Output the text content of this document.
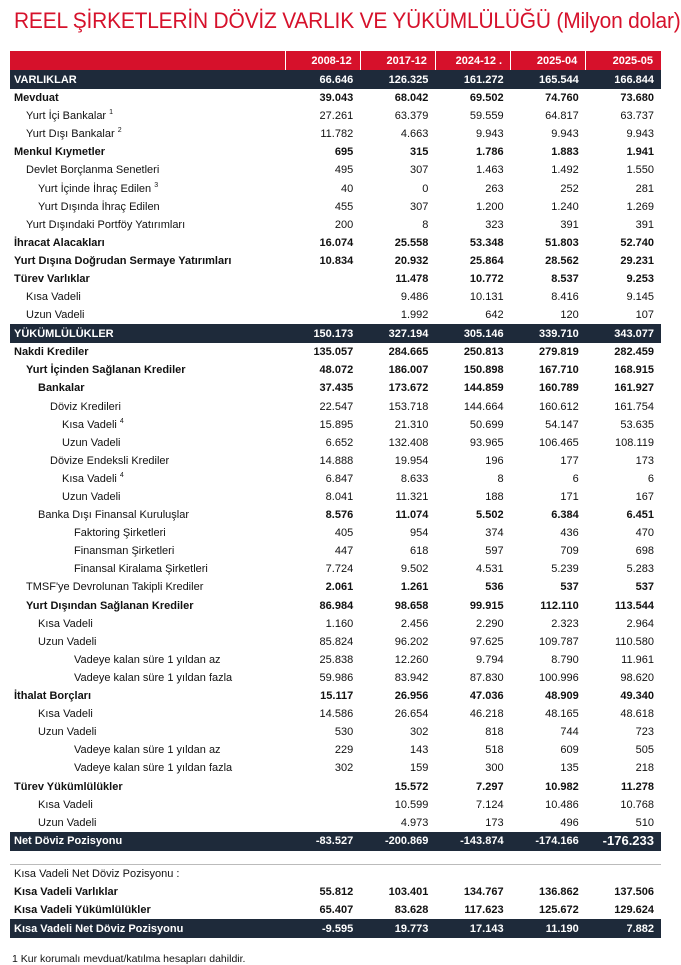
REEL ŞİRKETLERİN DÖVİZ VARLIK VE YÜKÜMLÜLÜĞÜ (Milyon dolar)
	2008-12	2017-12	2024-12 .	2025-04	2025-05
VARLIKLAR	66.646	126.325	161.272	165.544	166.844
Mevduat	39.043	68.042	69.502	74.760	73.680
Yurt İçi Bankalar $^1$	27.261	63.379	59.559	64.817	63.737
Yurt Dışı Bankalar $^2$	11.782	4.663	9.943	9.943	9.943
Menkul Kıymetler	695	315	1.786	1.883	1.941
Devlet Borçlanma Senetleri	495	307	1.463	1.492	1.550
Yurt İçinde İhraç Edilen $^3$	40	0	263	252	281
Yurt Dışında İhraç Edilen	455	307	1.200	1.240	1.269
Yurt Dışındaki Portföy Yatırımları	200	8	323	391	391
İhracat Alacakları	16.074	25.558	53.348	51.803	52.740
Yurt Dışına Doğrudan Sermaye Yatırımları	10.834	20.932	25.864	28.562	29.231
Türev Varlıklar		11.478	10.772	8.537	9.253
Kısa Vadeli		9.486	10.131	8.416	9.145
Uzun Vadeli		1.992	642	120	107
YÜKÜMLÜLÜKLER	150.173	327.194	305.146	339.710	343.077
Nakdi Krediler	135.057	284.665	250.813	279.819	282.459
Yurt İçinden Sağlanan Krediler	48.072	186.007	150.898	167.710	168.915
Bankalar	37.435	173.672	144.859	160.789	161.927
Döviz Kredileri	22.547	153.718	144.664	160.612	161.754
Kısa Vadeli $^4$	15.895	21.310	50.699	54.147	53.635
Uzun Vadeli	6.652	132.408	93.965	106.465	108.119
Dövize Endeksli Krediler	14.888	19.954	196	177	173
Kısa Vadeli $^4$	6.847	8.633	8	6	6
Uzun Vadeli	8.041	11.321	188	171	167
Banka Dışı Finansal Kuruluşlar	8.576	11.074	5.502	6.384	6.451
Faktoring Şirketleri	405	954	374	436	470
Finansman Şirketleri	447	618	597	709	698
Finansal Kiralama Şirketleri	7.724	9.502	4.531	5.239	5.283
TMSF'ye Devrolunan Takipli Krediler	2.061	1.261	536	537	537
Yurt Dışından Sağlanan Krediler	86.984	98.658	99.915	112.110	113.544
Kısa Vadeli	1.160	2.456	2.290	2.323	2.964
Uzun Vadeli	85.824	96.202	97.625	109.787	110.580
Vadeye kalan süre 1 yıldan az	25.838	12.260	9.794	8.790	11.961
Vadeye kalan süre 1 yıldan fazla	59.986	83.942	87.830	100.996	98.620
İthalat Borçları	15.117	26.956	47.036	48.909	49.340
Kısa Vadeli	14.586	26.654	46.218	48.165	48.618
Uzun Vadeli	530	302	818	744	723
Vadeye kalan süre 1 yıldan az	229	143	518	609	505
Vadeye kalan süre 1 yıldan fazla	302	159	300	135	218
Türev Yükümlülükler		15.572	7.297	10.982	11.278
Kısa Vadeli		10.599	7.124	10.486	10.768
Uzun Vadeli		4.973	173	496	510
Net Döviz Pozisyonu	-83.527	-200.869	-143.874	-174.166	-176.233

Kısa Vadeli Net Döviz Pozisyonu :					
Kısa Vadeli Varlıklar	55.812	103.401	134.767	136.862	137.506
Kısa Vadeli Yükümlülükler	65.407	83.628	117.623	125.672	129.624
Kısa Vadeli Net Döviz Pozisyonu	-9.595	19.773	17.143	11.190	7.882
1 Kur korumalı mevduat/katılma hesapları dahildir.
